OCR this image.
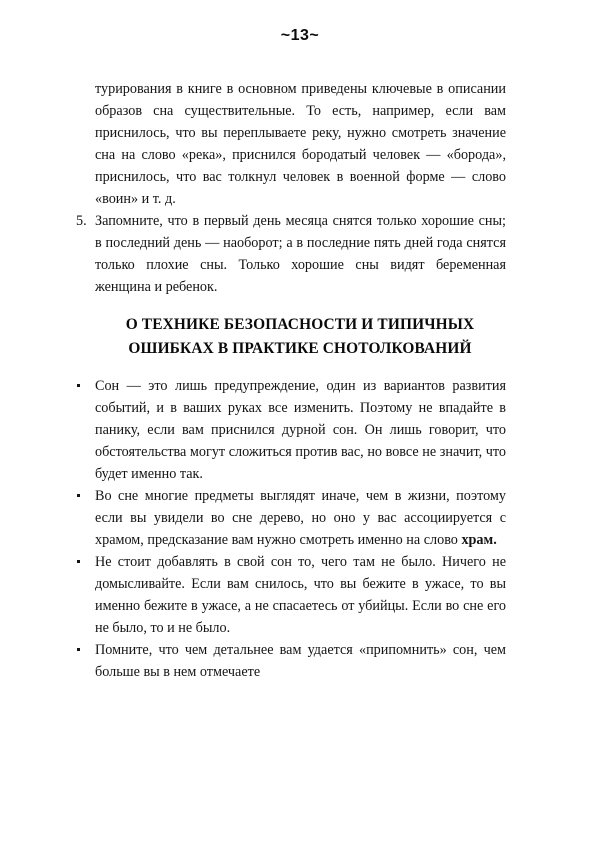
~13~

турирования в книге в основном приведены ключевые в описании образов сна существительные. То есть, например, если вам приснилось, что вы переплываете реку, нужно смотреть значение сна на слово «река», приснился бородатый человек — «борода», приснилось, что вас толкнул человек в военной форме — слово «воин» и т. д.

5. Запомните, что в первый день месяца снятся только хорошие сны; в последний день — наоборот; а в последние пять дней года снятся только плохие сны. Только хорошие сны видят беременная женщина и ребенок.
О ТЕХНИКЕ БЕЗОПАСНОСТИ И ТИПИЧНЫХ
ОШИБКАХ В ПРАКТИКЕ СНОТОЛКОВАНИЙ
Сон — это лишь предупреждение, один из вариантов развития событий, и в ваших руках все изменить. Поэтому не впадайте в панику, если вам приснился дурной сон. Он лишь говорит, что обстоятельства могут сложиться против вас, но вовсе не значит, что будет именно так.
Во сне многие предметы выглядят иначе, чем в жизни, поэтому если вы увидели во сне дерево, но оно у вас ассоциируется с храмом, предсказание вам нужно смотреть именно на слово храм.
Не стоит добавлять в свой сон то, чего там не было. Ничего не домысливайте. Если вам снилось, что вы бежите в ужасе, то вы именно бежите в ужасе, а не спасаетесь от убийцы. Если во сне его не было, то и не было.
Помните, что чем детальнее вам удается «припомнить» сон, чем больше вы в нем отмечаете
